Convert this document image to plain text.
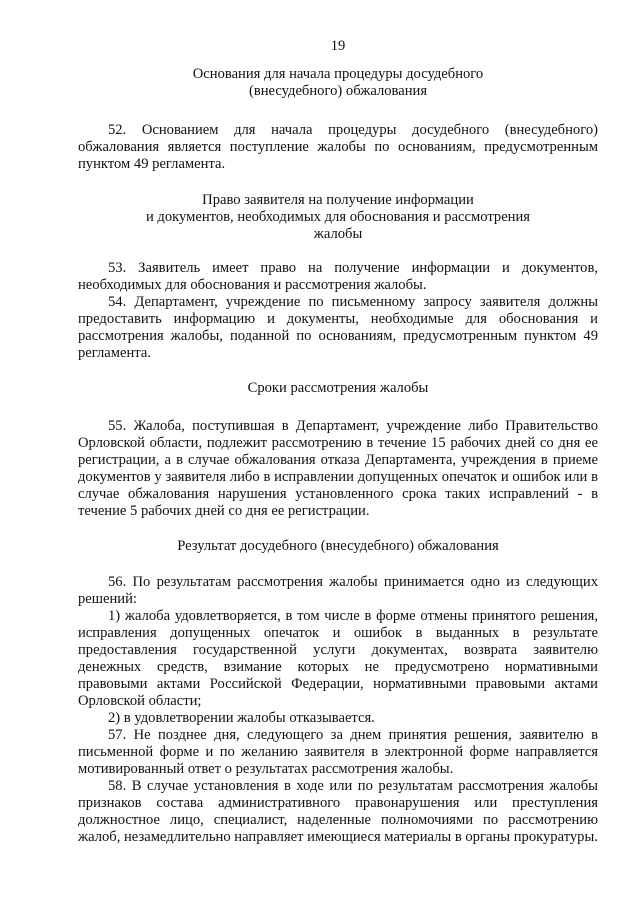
19
Основания для начала процедуры досудебного
(внесудебного) обжалования

52. Основанием для начала процедуры досудебного (внесудебного) обжалования является поступление жалобы по основаниям, предусмотренным пунктом 49 регламента.

Право заявителя на получение информации
и документов, необходимых для обоснования и рассмотрения
жалобы

53. Заявитель имеет право на получение информации и документов, необходимых для обоснования и рассмотрения жалобы.

54. Департамент, учреждение по письменному запросу заявителя должны предоставить информацию и документы, необходимые для обоснования и рассмотрения жалобы, поданной по основаниям, предусмотренным пунктом 49 регламента.

Сроки рассмотрения жалобы

55. Жалоба, поступившая в Департамент, учреждение либо Правительство Орловской области, подлежит рассмотрению в течение 15 рабочих дней со дня ее регистрации, а в случае обжалования отказа Департамента, учреждения в приеме документов у заявителя либо в исправлении допущенных опечаток и ошибок или в случае обжалования нарушения установленного срока таких исправлений - в течение 5 рабочих дней со дня ее регистрации.

Результат досудебного (внесудебного) обжалования

56. По результатам рассмотрения жалобы принимается одно из следующих решений:

1) жалоба удовлетворяется, в том числе в форме отмены принятого решения, исправления допущенных опечаток и ошибок в выданных в результате предоставления государственной услуги документах, возврата заявителю денежных средств, взимание которых не предусмотрено нормативными правовыми актами Российской Федерации, нормативными правовыми актами Орловской области;

2) в удовлетворении жалобы отказывается.

57. Не позднее дня, следующего за днем принятия решения, заявителю в письменной форме и по желанию заявителя в электронной форме направляется мотивированный ответ о результатах рассмотрения жалобы.

58. В случае установления в ходе или по результатам рассмотрения жалобы признаков состава административного правонарушения или преступления должностное лицо, специалист, наделенные полномочиями по рассмотрению жалоб, незамедлительно направляет имеющиеся материалы в органы прокуратуры.
